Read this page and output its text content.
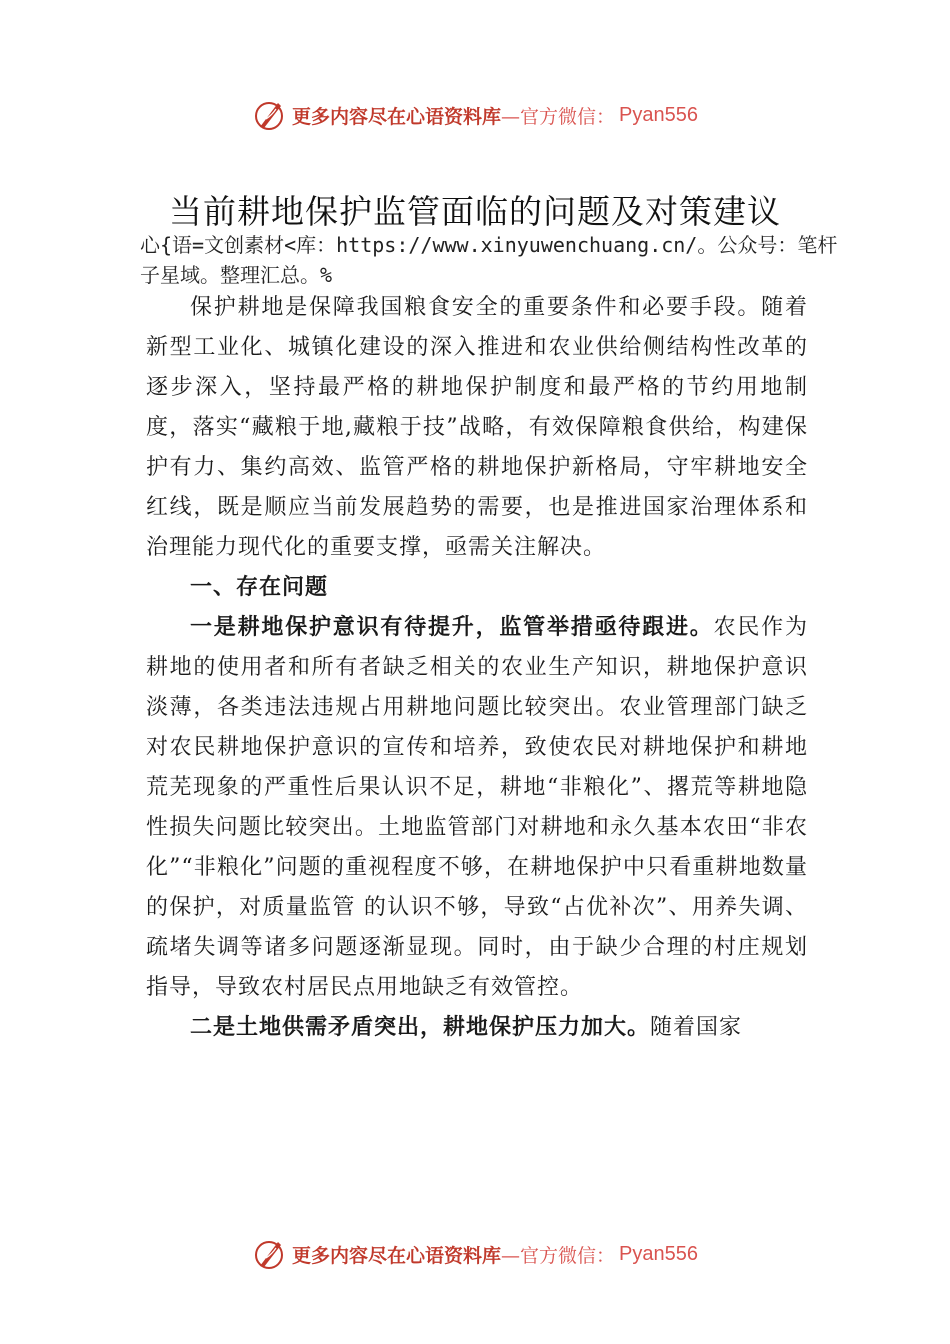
更多内容尽在心语资料库—官方微信： Pyan556
当前耕地保护监管面临的问题及对策建议

心{语=文创素材<库：https://www.xinyuwenchuang.cn/。公众号：笔杆子星域。整理汇总。%

保护耕地是保障我国粮食安全的重要条件和必要手段。随着新型工业化、城镇化建设的深入推进和农业供给侧结构性改革的逐步深入，坚持最严格的耕地保护制度和最严格的节约用地制度，落实“藏粮于地,藏粮于技”战略，有效保障粮食供给，构建保护有力、集约高效、监管严格的耕地保护新格局，守牢耕地安全红线，既是顺应当前发展趋势的需要，也是推进国家治理体系和治理能力现代化的重要支撑，亟需关注解决。

一、存在问题

一是耕地保护意识有待提升，监管举措亟待跟进。农民作为耕地的使用者和所有者缺乏相关的农业生产知识，耕地保护意识淡薄，各类违法违规占用耕地问题比较突出。农业管理部门缺乏对农民耕地保护意识的宣传和培养，致使农民对耕地保护和耕地荒芜现象的严重性后果认识不足，耕地“非粮化”、撂荒等耕地隐性损失问题比较突出。土地监管部门对耕地和永久基本农田“非农化”“非粮化”问题的重视程度不够，在耕地保护中只看重耕地数量的保护，对质量监管 的认识不够，导致“占优补次”、用养失调、疏堵失调等诸多问题逐渐显现。同时，由于缺少合理的村庄规划指导，导致农村居民点用地缺乏有效管控。

二是土地供需矛盾突出，耕地保护压力加大。随着国家

更多内容尽在心语资料库—官方微信： Pyan556
